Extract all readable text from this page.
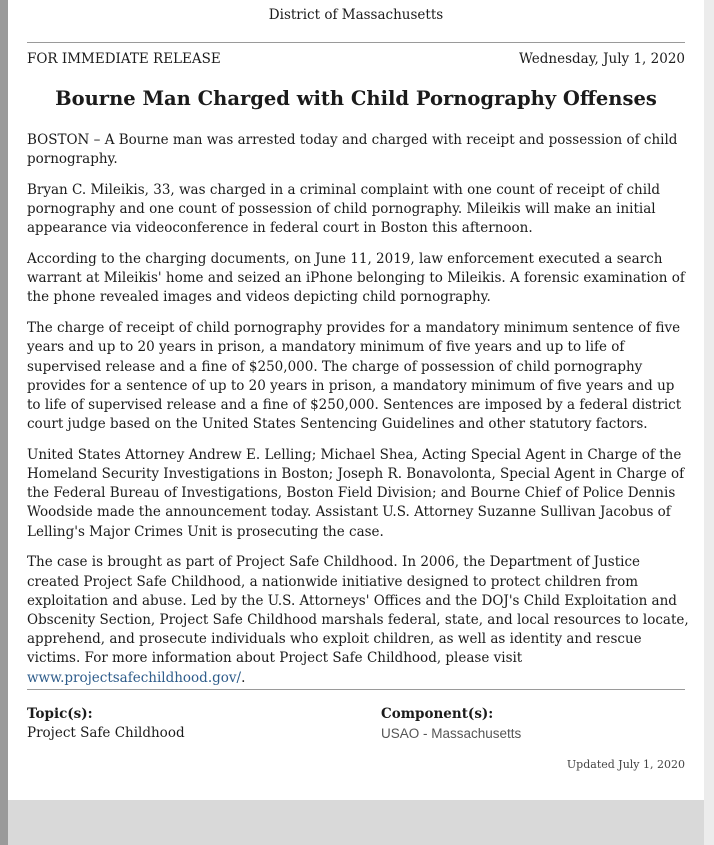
District of Massachusetts
FOR IMMEDIATE RELEASE	Wednesday, July 1, 2020
Bourne Man Charged with Child Pornography Offenses

BOSTON – A Bourne man was arrested today and charged with receipt and possession of child pornography.

Bryan C. Mileikis, 33, was charged in a criminal complaint with one count of receipt of child pornography and one count of possession of child pornography. Mileikis will make an initial appearance via videoconference in federal court in Boston this afternoon.

According to the charging documents, on June 11, 2019, law enforcement executed a search warrant at Mileikis' home and seized an iPhone belonging to Mileikis. A forensic examination of the phone revealed images and videos depicting child pornography.

The charge of receipt of child pornography provides for a mandatory minimum sentence of five years and up to 20 years in prison, a mandatory minimum of five years and up to life of supervised release and a fine of $250,000. The charge of possession of child pornography provides for a sentence of up to 20 years in prison, a mandatory minimum of five years and up to life of supervised release and a fine of $250,000. Sentences are imposed by a federal district court judge based on the United States Sentencing Guidelines and other statutory factors.

United States Attorney Andrew E. Lelling; Michael Shea, Acting Special Agent in Charge of the Homeland Security Investigations in Boston; Joseph R. Bonavolonta, Special Agent in Charge of the Federal Bureau of Investigations, Boston Field Division; and Bourne Chief of Police Dennis Woodside made the announcement today. Assistant U.S. Attorney Suzanne Sullivan Jacobus of Lelling's Major Crimes Unit is prosecuting the case.

The case is brought as part of Project Safe Childhood. In 2006, the Department of Justice created Project Safe Childhood, a nationwide initiative designed to protect children from exploitation and abuse. Led by the U.S. Attorneys' Offices and the DOJ's Child Exploitation and Obscenity Section, Project Safe Childhood marshals federal, state, and local resources to locate, apprehend, and prosecute individuals who exploit children, as well as identity and rescue victims. For more information about Project Safe Childhood, please visit www.projectsafechildhood.gov/.

Topic(s):
Project Safe Childhood
Component(s):
USAO - Massachusetts
Updated July 1, 2020
